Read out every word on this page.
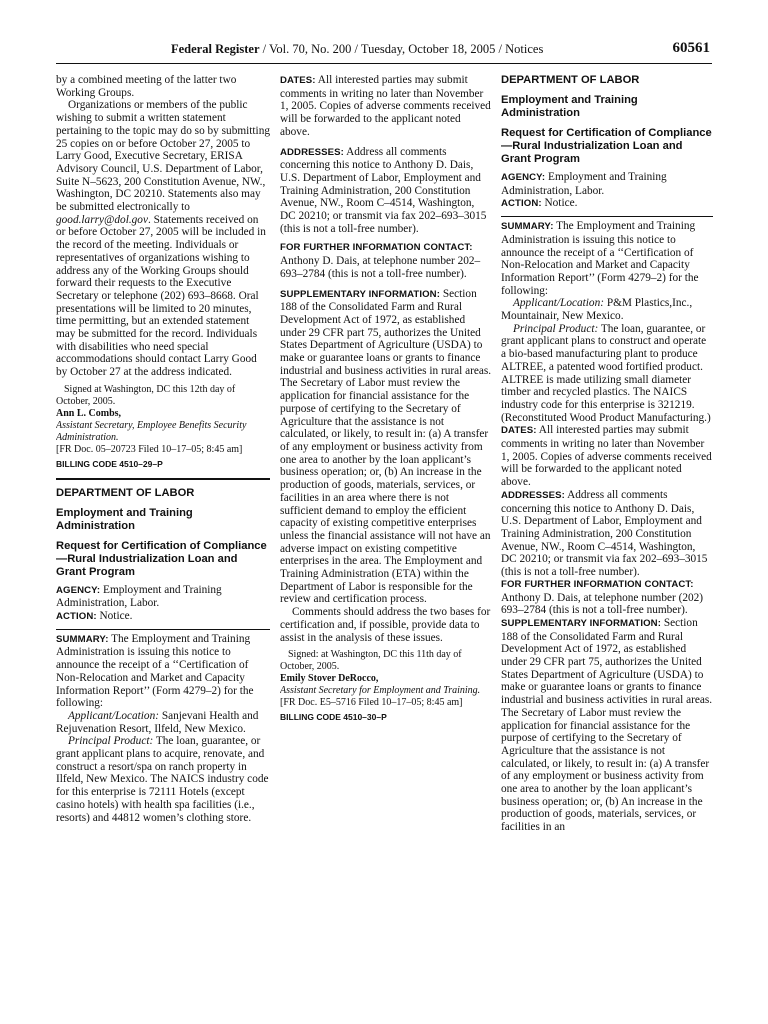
Federal Register / Vol. 70, No. 200 / Tuesday, October 18, 2005 / Notices	60561

by a combined meeting of the latter two Working Groups.

Organizations or members of the public wishing to submit a written statement pertaining to the topic may do so by submitting 25 copies on or before October 27, 2005 to Larry Good, Executive Secretary, ERISA Advisory Council, U.S. Department of Labor, Suite N–5623, 200 Constitution Avenue, NW., Washington, DC 20210. Statements also may be submitted electronically to good.larry@dol.gov. Statements received on or before October 27, 2005 will be included in the record of the meeting. Individuals or representatives of organizations wishing to address any of the Working Groups should forward their requests to the Executive Secretary or telephone (202) 693–8668. Oral presentations will be limited to 20 minutes, time permitting, but an extended statement may be submitted for the record. Individuals with disabilities who need special accommodations should contact Larry Good by October 27 at the address indicated.

Signed at Washington, DC this 12th day of October, 2005.

Ann L. Combs,

Assistant Secretary, Employee Benefits Security Administration.

[FR Doc. 05–20723 Filed 10–17–05; 8:45 am]

BILLING CODE 4510–29–P

DEPARTMENT OF LABOR

Employment and Training Administration

Request for Certification of Compliance—Rural Industrialization Loan and Grant Program

AGENCY: Employment and Training Administration, Labor.

ACTION: Notice.

SUMMARY: The Employment and Training Administration is issuing this notice to announce the receipt of a ‘‘Certification of Non-Relocation and Market and Capacity Information Report’’ (Form 4279–2) for the following:

Applicant/Location: Sanjevani Health and Rejuvenation Resort, Ilfeld, New Mexico.

Principal Product: The loan, guarantee, or grant applicant plans to acquire, renovate, and construct a resort/spa on ranch property in Ilfeld, New Mexico. The NAICS industry code for this enterprise is 72111 Hotels (except casino hotels) with health spa facilities (i.e., resorts) and 44812 women’s clothing store.

DATES: All interested parties may submit comments in writing no later than November 1, 2005. Copies of adverse comments received will be forwarded to the applicant noted above.

ADDRESSES: Address all comments concerning this notice to Anthony D. Dais, U.S. Department of Labor, Employment and Training Administration, 200 Constitution Avenue, NW., Room C–4514, Washington, DC 20210; or transmit via fax 202–693–3015 (this is not a toll-free number).

FOR FURTHER INFORMATION CONTACT:

Anthony D. Dais, at telephone number 202–693–2784 (this is not a toll-free number).

SUPPLEMENTARY INFORMATION: Section 188 of the Consolidated Farm and Rural Development Act of 1972, as established under 29 CFR part 75, authorizes the United States Department of Agriculture (USDA) to make or guarantee loans or grants to finance industrial and business activities in rural areas. The Secretary of Labor must review the application for financial assistance for the purpose of certifying to the Secretary of Agriculture that the assistance is not calculated, or likely, to result in: (a) A transfer of any employment or business activity from one area to another by the loan applicant’s business operation; or, (b) An increase in the production of goods, materials, services, or facilities in an area where there is not sufficient demand to employ the efficient capacity of existing competitive enterprises unless the financial assistance will not have an adverse impact on existing competitive enterprises in the area. The Employment and Training Administration (ETA) within the Department of Labor is responsible for the review and certification process.

Comments should address the two bases for certification and, if possible, provide data to assist in the analysis of these issues.

Signed: at Washington, DC this 11th day of October, 2005.

Emily Stover DeRocco,

Assistant Secretary for Employment and Training.

[FR Doc. E5–5716 Filed 10–17–05; 8:45 am]

BILLING CODE 4510–30–P

DEPARTMENT OF LABOR

Employment and Training Administration

Request for Certification of Compliance—Rural Industrialization Loan and Grant Program

AGENCY: Employment and Training Administration, Labor.

ACTION: Notice.

SUMMARY: The Employment and Training Administration is issuing this notice to announce the receipt of a ‘‘Certification of Non-Relocation and Market and Capacity Information Report’’ (Form 4279–2) for the following:

Applicant/Location: P&M Plastics,Inc., Mountainair, New Mexico.

Principal Product: The loan, guarantee, or grant applicant plans to construct and operate a bio-based manufacturing plant to produce ALTREE, a patented wood fortified product. ALTREE is made utilizing small diameter timber and recycled plastics. The NAICS industry code for this enterprise is 321219. (Reconstituted Wood Product Manufacturing.)

DATES: All interested parties may submit comments in writing no later than November 1, 2005. Copies of adverse comments received will be forwarded to the applicant noted above.

ADDRESSES: Address all comments concerning this notice to Anthony D. Dais, U.S. Department of Labor, Employment and Training Administration, 200 Constitution Avenue, NW., Room C–4514, Washington, DC 20210; or transmit via fax 202–693–3015 (this is not a toll-free number).

FOR FURTHER INFORMATION CONTACT:

Anthony D. Dais, at telephone number (202) 693–2784 (this is not a toll-free number).

SUPPLEMENTARY INFORMATION: Section 188 of the Consolidated Farm and Rural Development Act of 1972, as established under 29 CFR part 75, authorizes the United States Department of Agriculture (USDA) to make or guarantee loans or grants to finance industrial and business activities in rural areas. The Secretary of Labor must review the application for financial assistance for the purpose of certifying to the Secretary of Agriculture that the assistance is not calculated, or likely, to result in: (a) A transfer of any employment or business activity from one area to another by the loan applicant’s business operation; or, (b) An increase in the production of goods, materials, services, or facilities in an
